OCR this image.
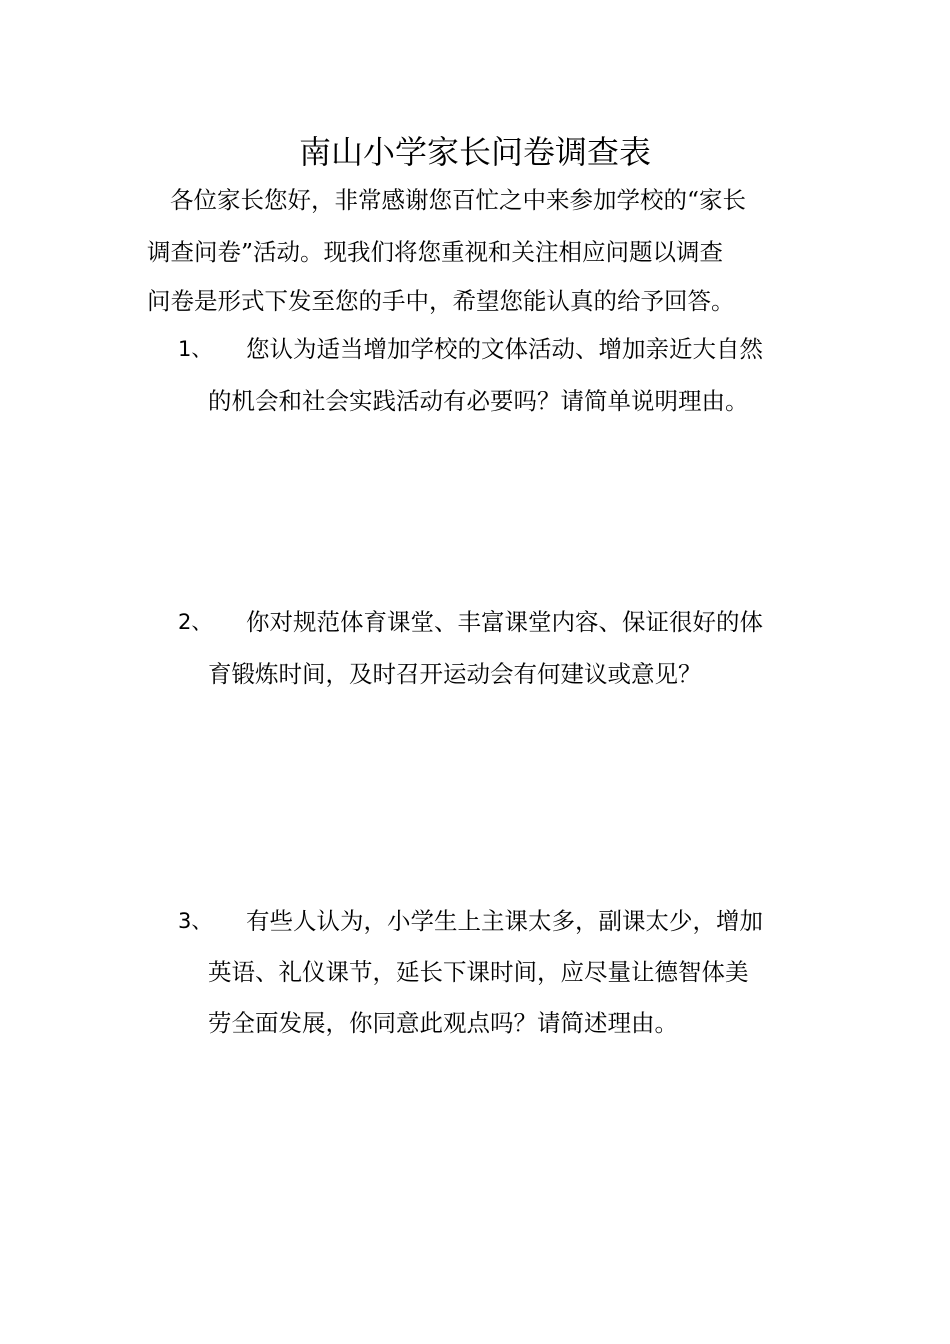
南山小学家长问卷调查表
各位家长您好，非常感谢您百忙之中来参加学校的“家长
调查问卷”活动。现我们将您重视和关注相应问题以调查
问卷是形式下发至您的手中，希望您能认真的给予回答。
1、 您认为适当增加学校的文体活动、增加亲近大自然
的机会和社会实践活动有必要吗？请简单说明理由。
2、 你对规范体育课堂、丰富课堂内容、保证很好的体
育锻炼时间，及时召开运动会有何建议或意见？
3、 有些人认为，小学生上主课太多，副课太少，增加
英语、礼仪课节，延长下课时间，应尽量让德智体美
劳全面发展，你同意此观点吗？请简述理由。
